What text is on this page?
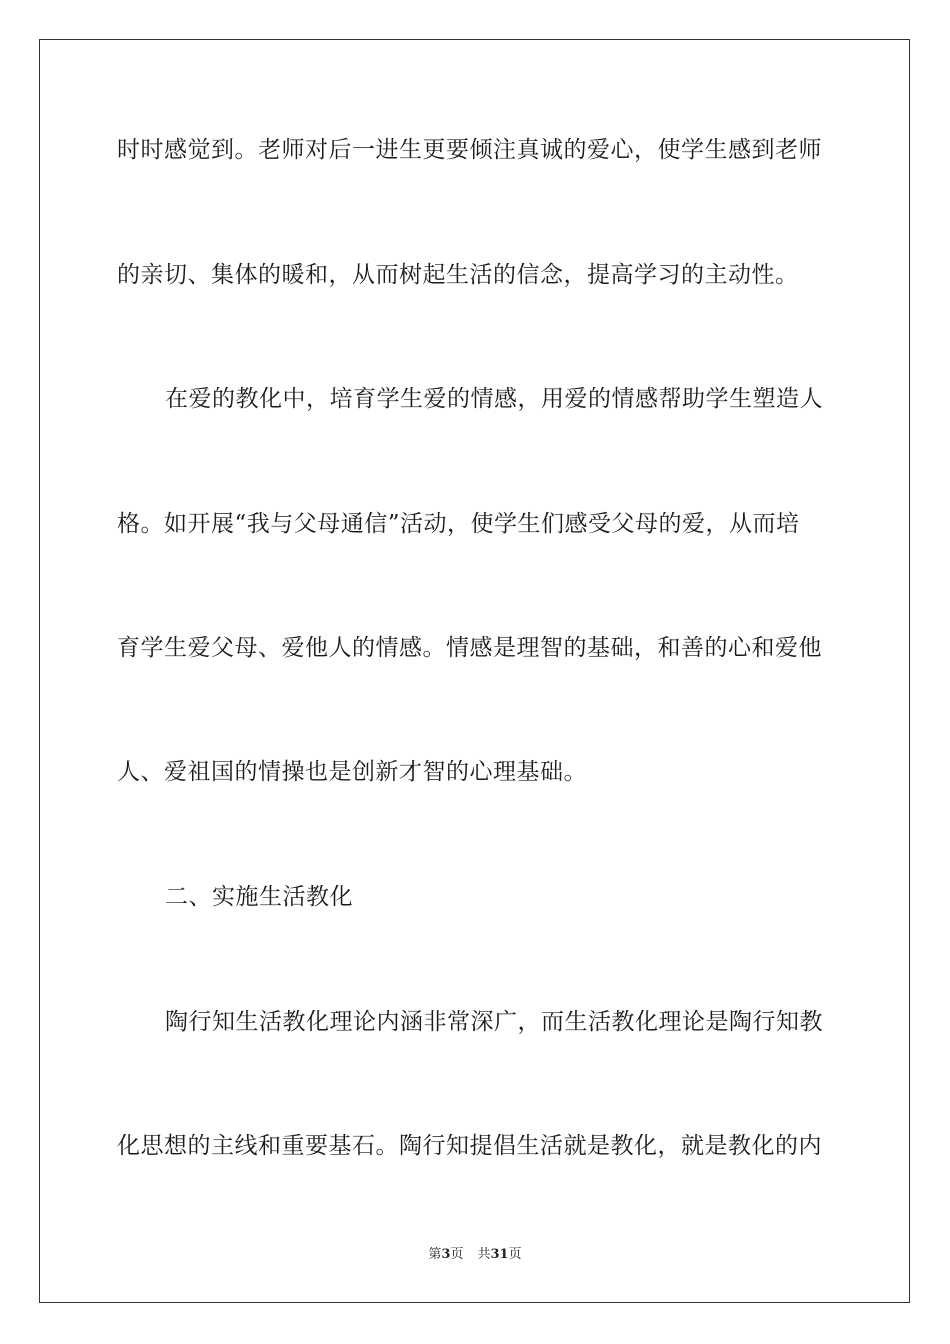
时时感觉到。老师对后一进生更要倾注真诚的爱心，使学生感到老师
的亲切、集体的暖和，从而树起生活的信念，提高学习的主动性。
在爱的教化中，培育学生爱的情感，用爱的情感帮助学生塑造人
格。如开展“我与父母通信”活动，使学生们感受父母的爱，从而培
育学生爱父母、爱他人的情感。情感是理智的基础，和善的心和爱他
人、爱祖国的情操也是创新才智的心理基础。
二、实施生活教化
陶行知生活教化理论内涵非常深广，而生活教化理论是陶行知教
化思想的主线和重要基石。陶行知提倡生活就是教化，就是教化的内
第3页 共31页
